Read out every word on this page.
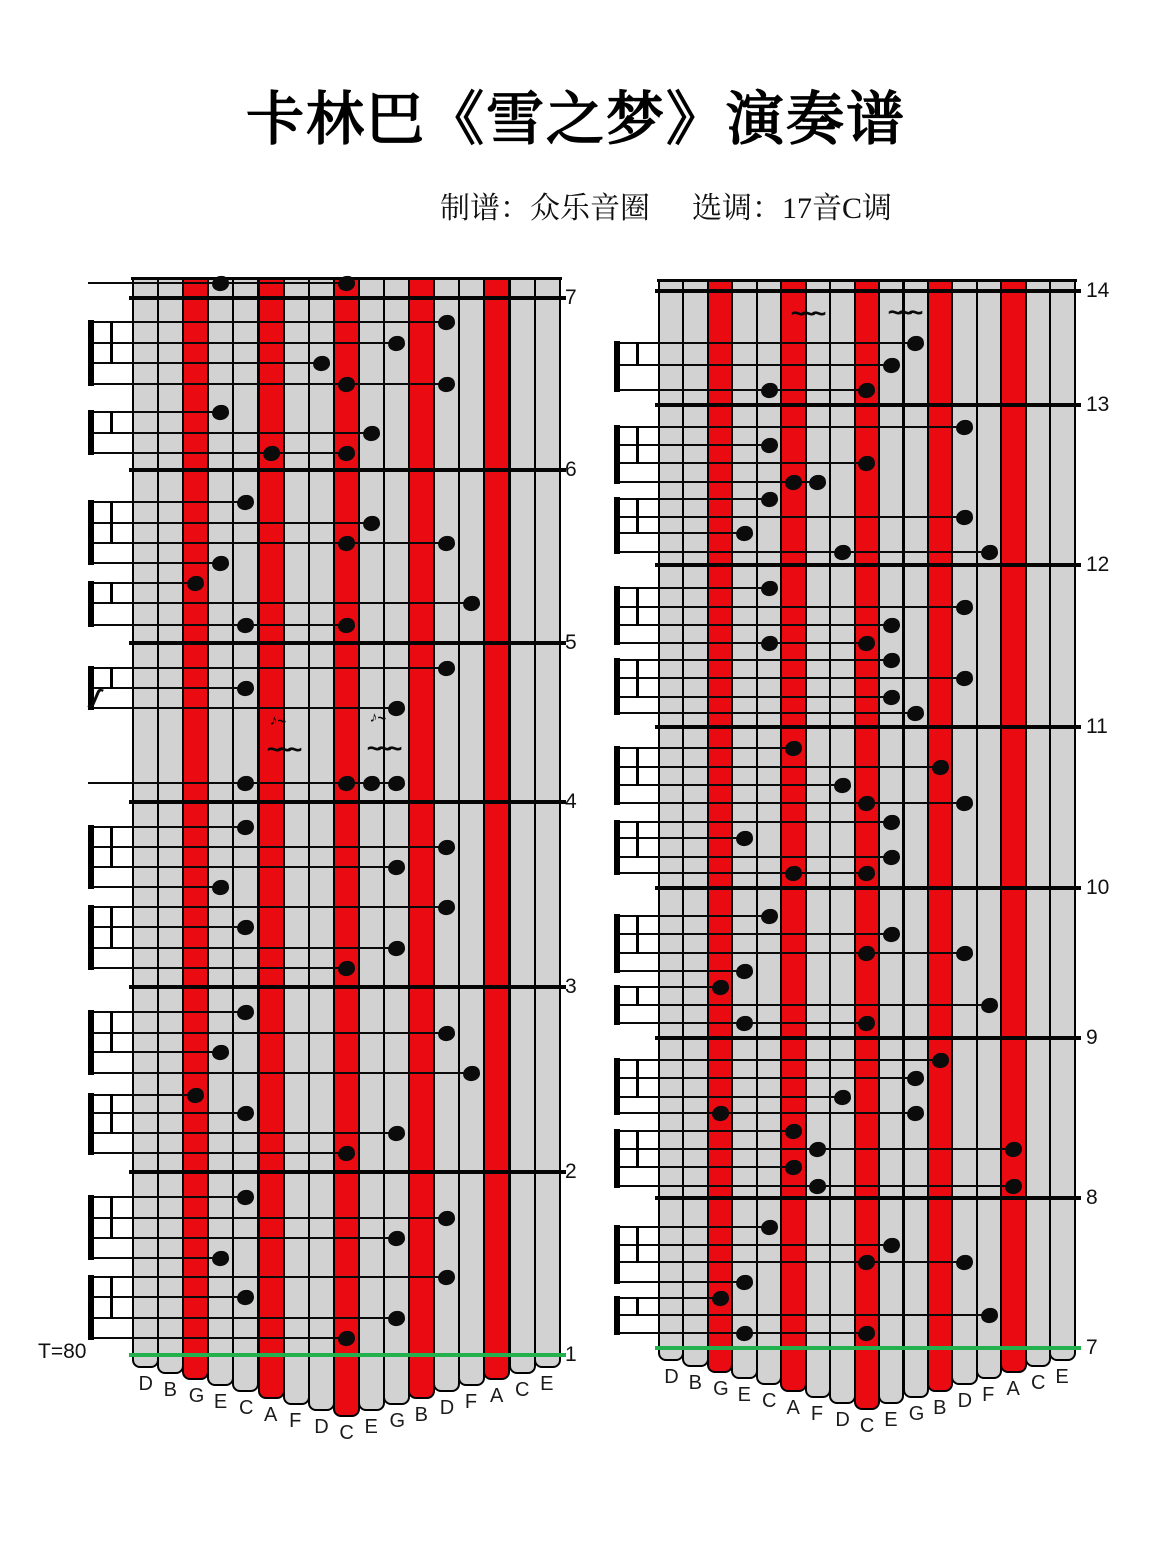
卡林巴《雪之梦》演奏谱
制谱：众乐音圈 选调：17音C调
T=80
D B G E C A F D C E G B D F A C E
7
6
5
4
3
2
1
ʃ
♪~	♪~
~~~	~~~
D B G E C A F D C E G B D F A C E
14
13
12
11
10
9
8
7
~~~	~~~
